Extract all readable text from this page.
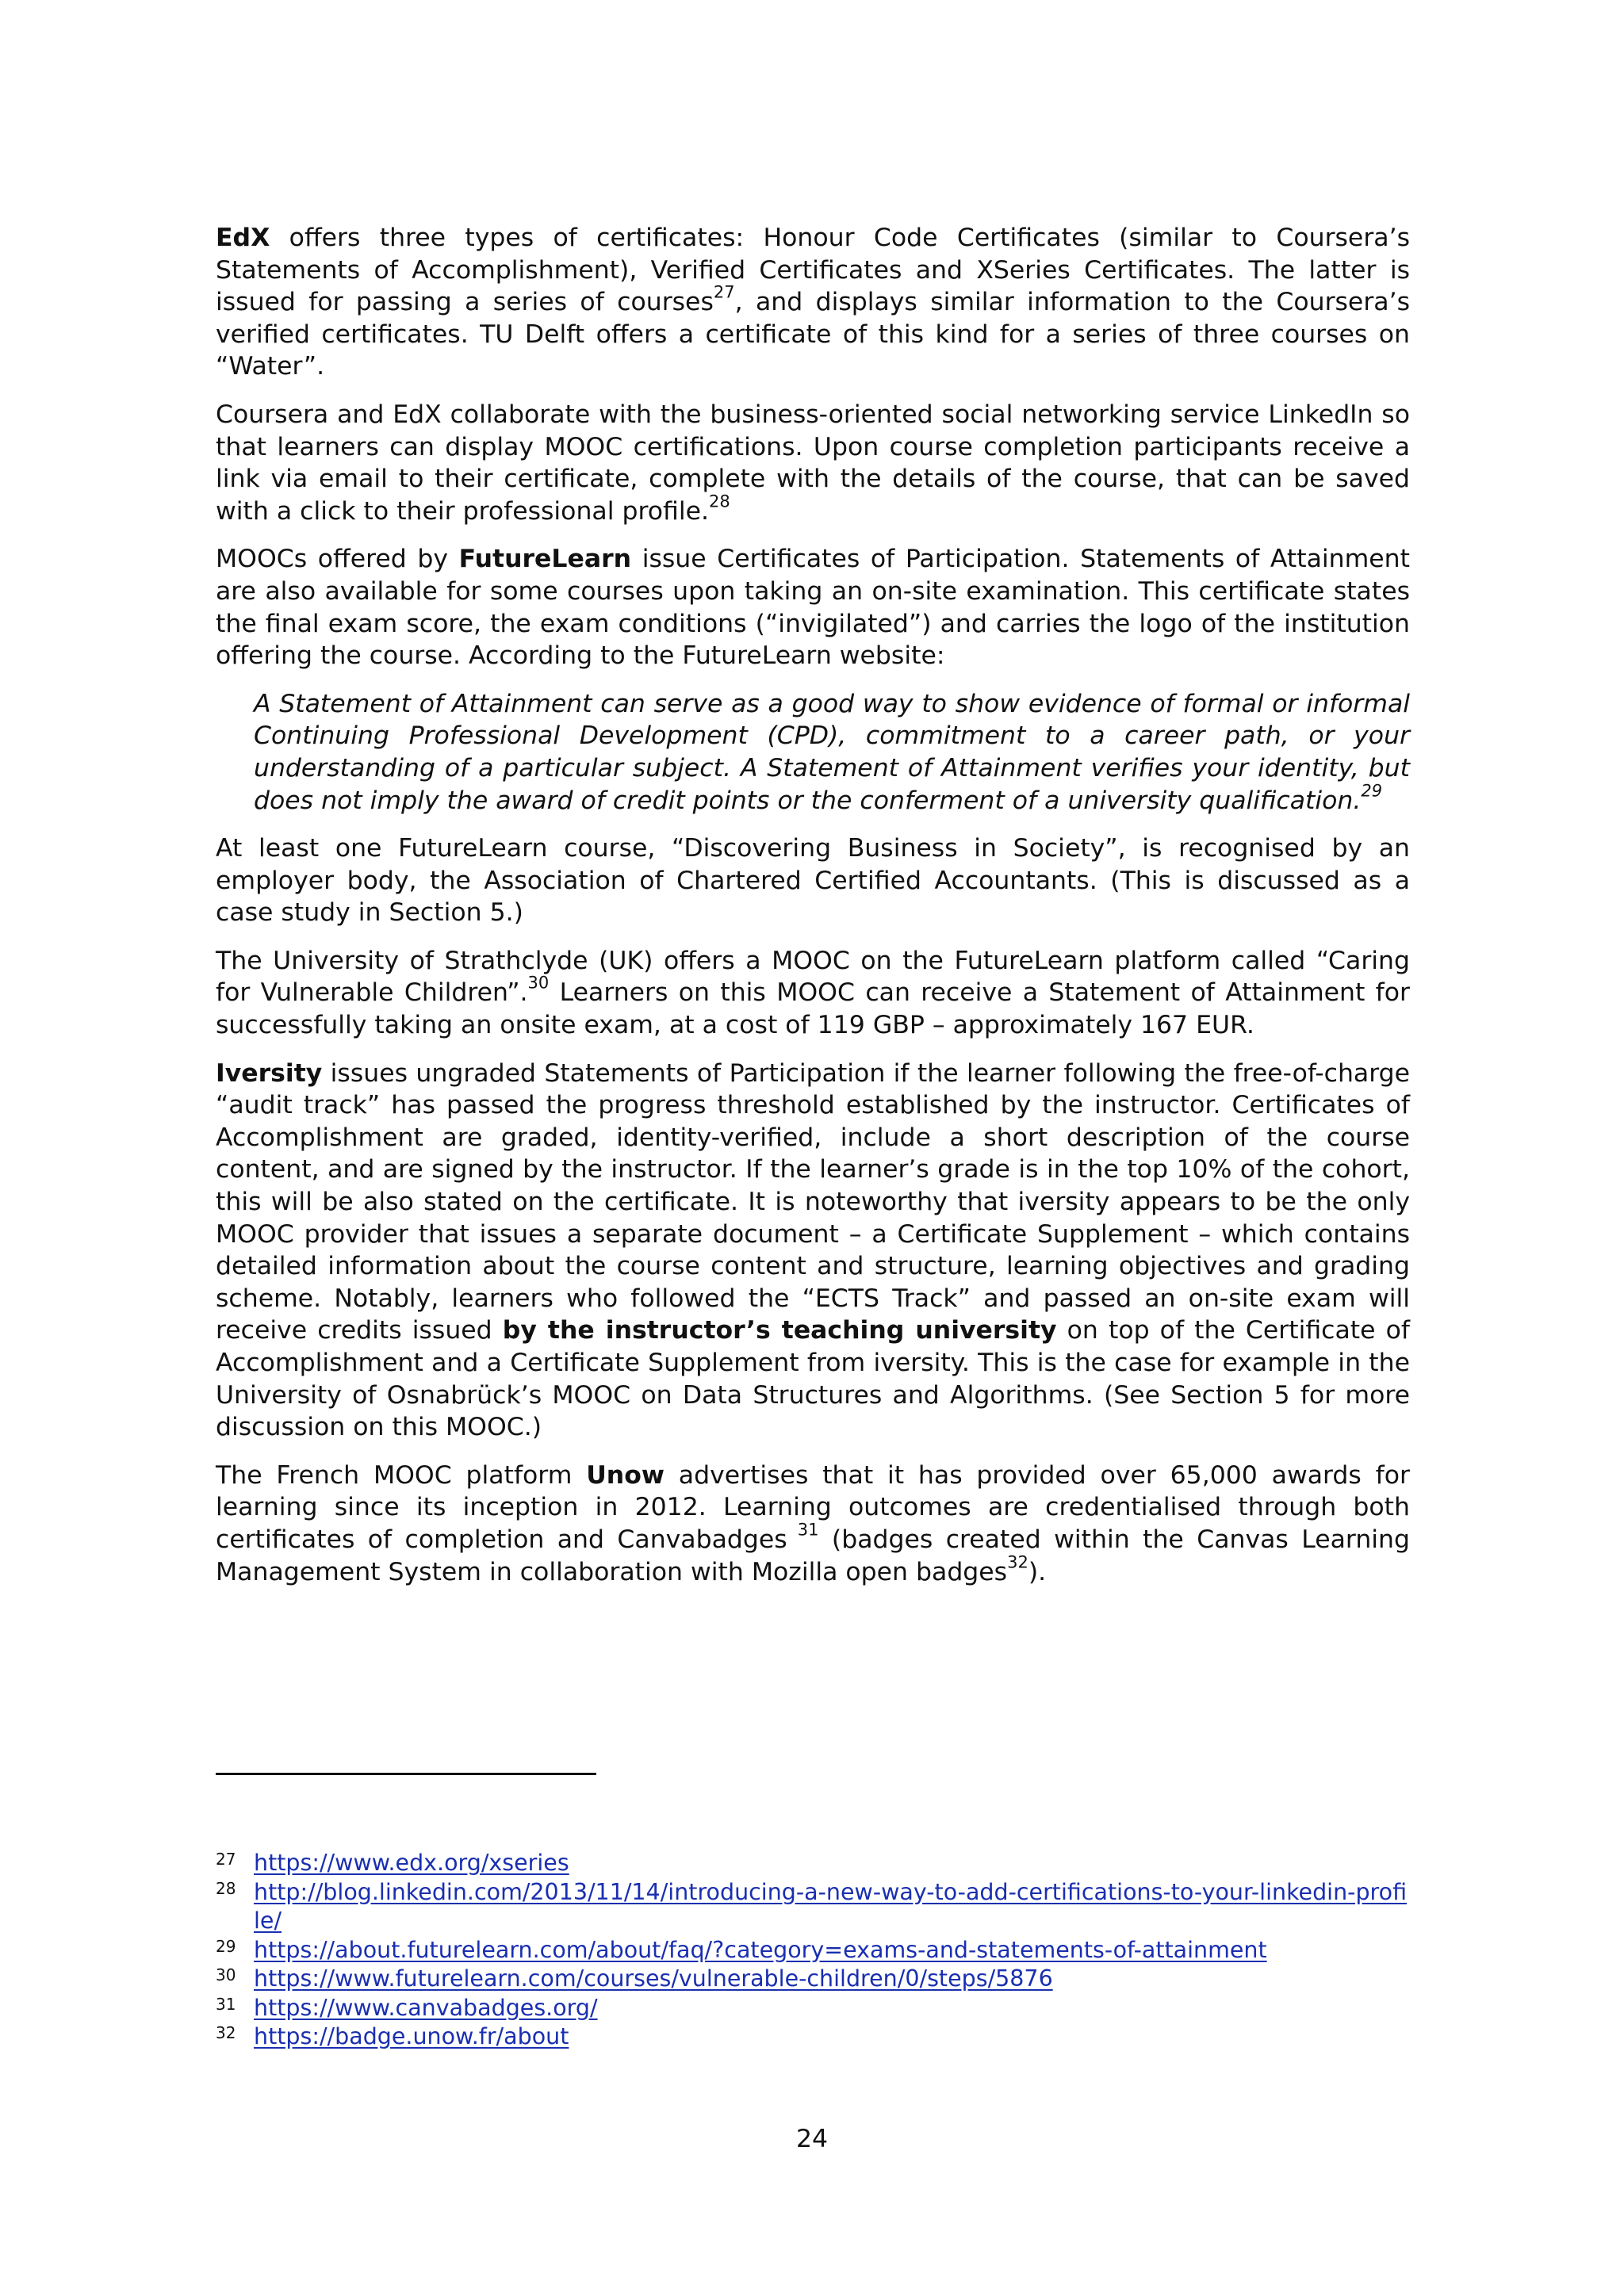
EdX offers three types of certificates: Honour Code Certificates (similar to Coursera’s Statements of Accomplishment), Verified Certificates and XSeries Certificates. The latter is issued for passing a series of courses$^{27}$, and displays similar information to the Coursera’s verified certificates. TU Delft offers a certificate of this kind for a series of three courses on “Water”.

Coursera and EdX collaborate with the business-oriented social networking service LinkedIn so that learners can display MOOC certifications. Upon course completion participants receive a link via email to their certificate, complete with the details of the course, that can be saved with a click to their professional profile.$^{28}$

MOOCs offered by FutureLearn issue Certificates of Participation. Statements of Attainment are also available for some courses upon taking an on-site examination. This certificate states the final exam score, the exam conditions (“invigilated”) and carries the logo of the institution offering the course. According to the FutureLearn website:

A Statement of Attainment can serve as a good way to show evidence of formal or informal Continuing Professional Development (CPD), commitment to a career path, or your understanding of a particular subject. A Statement of Attainment verifies your identity, but does not imply the award of credit points or the conferment of a university qualification.$^{29}$

At least one FutureLearn course, “Discovering Business in Society”, is recognised by an employer body, the Association of Chartered Certified Accountants. (This is discussed as a case study in Section 5.)

The University of Strathclyde (UK) offers a MOOC on the FutureLearn platform called “Caring for Vulnerable Children”.$^{30}$ Learners on this MOOC can receive a Statement of Attainment for successfully taking an onsite exam, at a cost of 119 GBP – approximately 167 EUR.

Iversity issues ungraded Statements of Participation if the learner following the free-of-charge “audit track” has passed the progress threshold established by the instructor. Certificates of Accomplishment are graded, identity-verified, include a short description of the course content, and are signed by the instructor. If the learner’s grade is in the top 10% of the cohort, this will be also stated on the certificate. It is noteworthy that iversity appears to be the only MOOC provider that issues a separate document – a Certificate Supplement – which contains detailed information about the course content and structure, learning objectives and grading scheme. Notably, learners who followed the “ECTS Track” and passed an on-site exam will receive credits issued by the instructor’s teaching university on top of the Certificate of Accomplishment and a Certificate Supplement from iversity. This is the case for example in the University of Osnabrück’s MOOC on Data Structures and Algorithms. (See Section 5 for more discussion on this MOOC.)

The French MOOC platform Unow advertises that it has provided over 65,000 awards for learning since its inception in 2012. Learning outcomes are credentialised through both certificates of completion and Canvabadges $^{31}$ (badges created within the Canvas Learning Management System in collaboration with Mozilla open badges$^{32}$).

27 https://www.edx.org/xseries
28 http://blog.linkedin.com/2013/11/14/introducing-a-new-way-to-add-certifications-to-your-linkedin-profile/
29 https://about.futurelearn.com/about/faq/?category=exams-and-statements-of-attainment
30 https://www.futurelearn.com/courses/vulnerable-children/0/steps/5876
31 https://www.canvabadges.org/
32 https://badge.unow.fr/about
24
